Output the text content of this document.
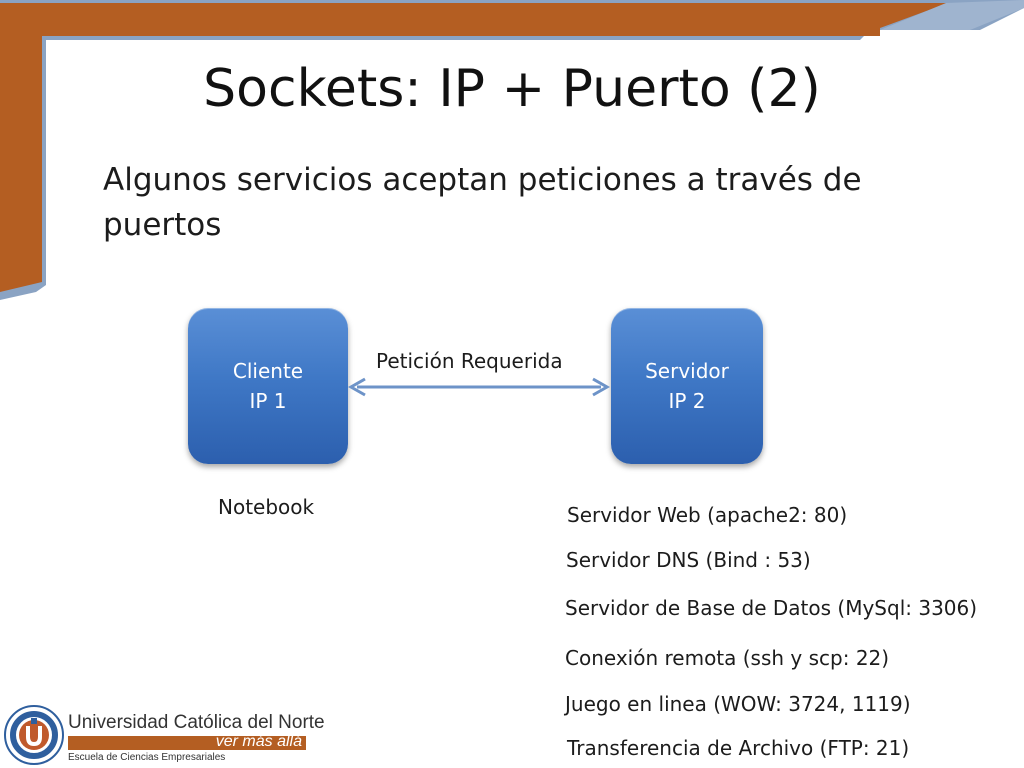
Sockets: IP + Puerto (2)
Algunos servicios aceptan peticiones a través de puertos
Cliente
IP 1
Servidor
IP 2
Petición Requerida
Notebook	Servidor Web (apache2: 80)
Servidor DNS (Bind : 53)
Servidor de Base de Datos (MySql: 3306)
Conexión remota (ssh y scp: 22)
Juego en linea (WOW: 3724, 1119)
Transferencia de Archivo (FTP: 21)
Universidad Católica del Norte
ver más allá
Escuela de Ciencias Empresariales
